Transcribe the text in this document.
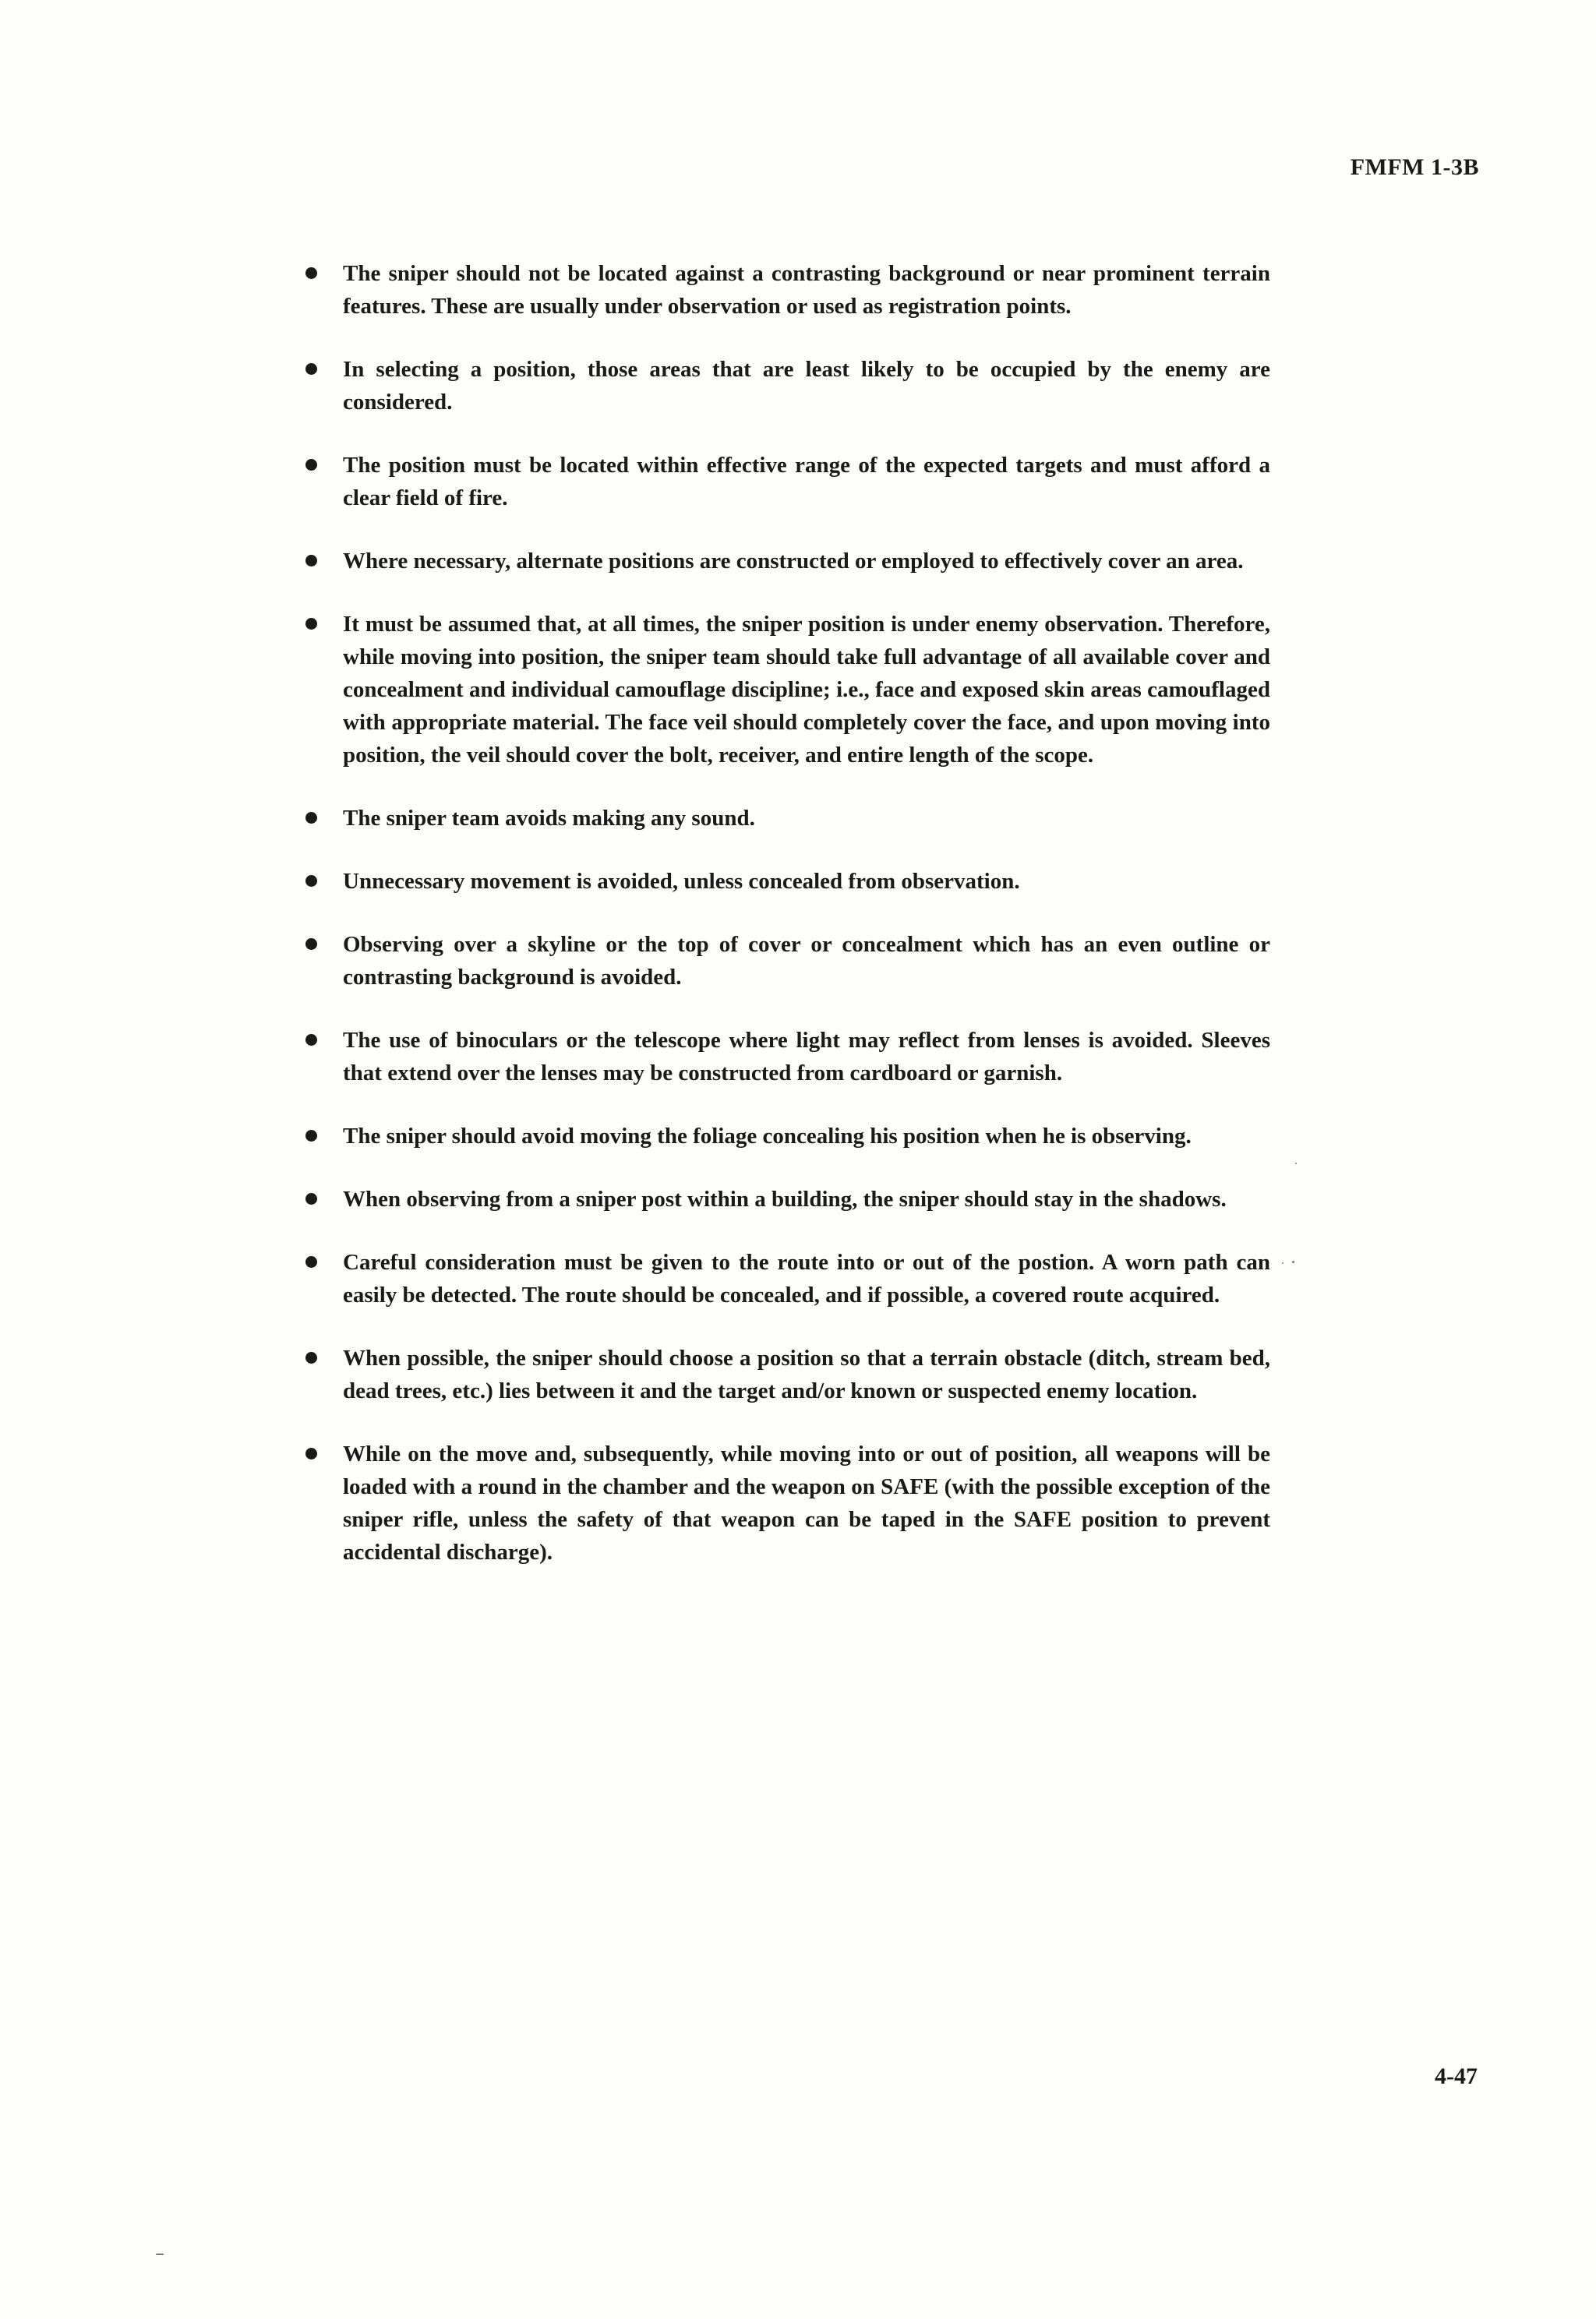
FMFM 1-3B
The sniper should not be located against a contrasting background or near prominent terrain features. These are usually under observation or used as registration points.
In selecting a position, those areas that are least likely to be occupied by the enemy are considered.
The position must be located within effective range of the expected targets and must afford a clear field of fire.
Where necessary, alternate positions are constructed or employed to effectively cover an area.
It must be assumed that, at all times, the sniper position is under enemy observation. Therefore, while moving into position, the sniper team should take full advantage of all available cover and concealment and individual camouflage discipline; i.e., face and exposed skin areas camouflaged with appropriate material. The face veil should completely cover the face, and upon moving into position, the veil should cover the bolt, receiver, and entire length of the scope.
The sniper team avoids making any sound.
Unnecessary movement is avoided, unless concealed from observation.
Observing over a skyline or the top of cover or concealment which has an even outline or contrasting background is avoided.
The use of binoculars or the telescope where light may reflect from lenses is avoided. Sleeves that extend over the lenses may be constructed from cardboard or garnish.
The sniper should avoid moving the foliage concealing his position when he is observing.
When observing from a sniper post within a building, the sniper should stay in the shadows.
Careful consideration must be given to the route into or out of the postion. A worn path can easily be detected. The route should be concealed, and if possible, a covered route acquired.
When possible, the sniper should choose a position so that a terrain obstacle (ditch, stream bed, dead trees, etc.) lies between it and the target and/or known or suspected enemy location.
While on the move and, subsequently, while moving into or out of position, all weapons will be loaded with a round in the chamber and the weapon on SAFE (with the possible exception of the sniper rifle, unless the safety of that weapon can be taped in the SAFE position to prevent accidental discharge).
4-47
